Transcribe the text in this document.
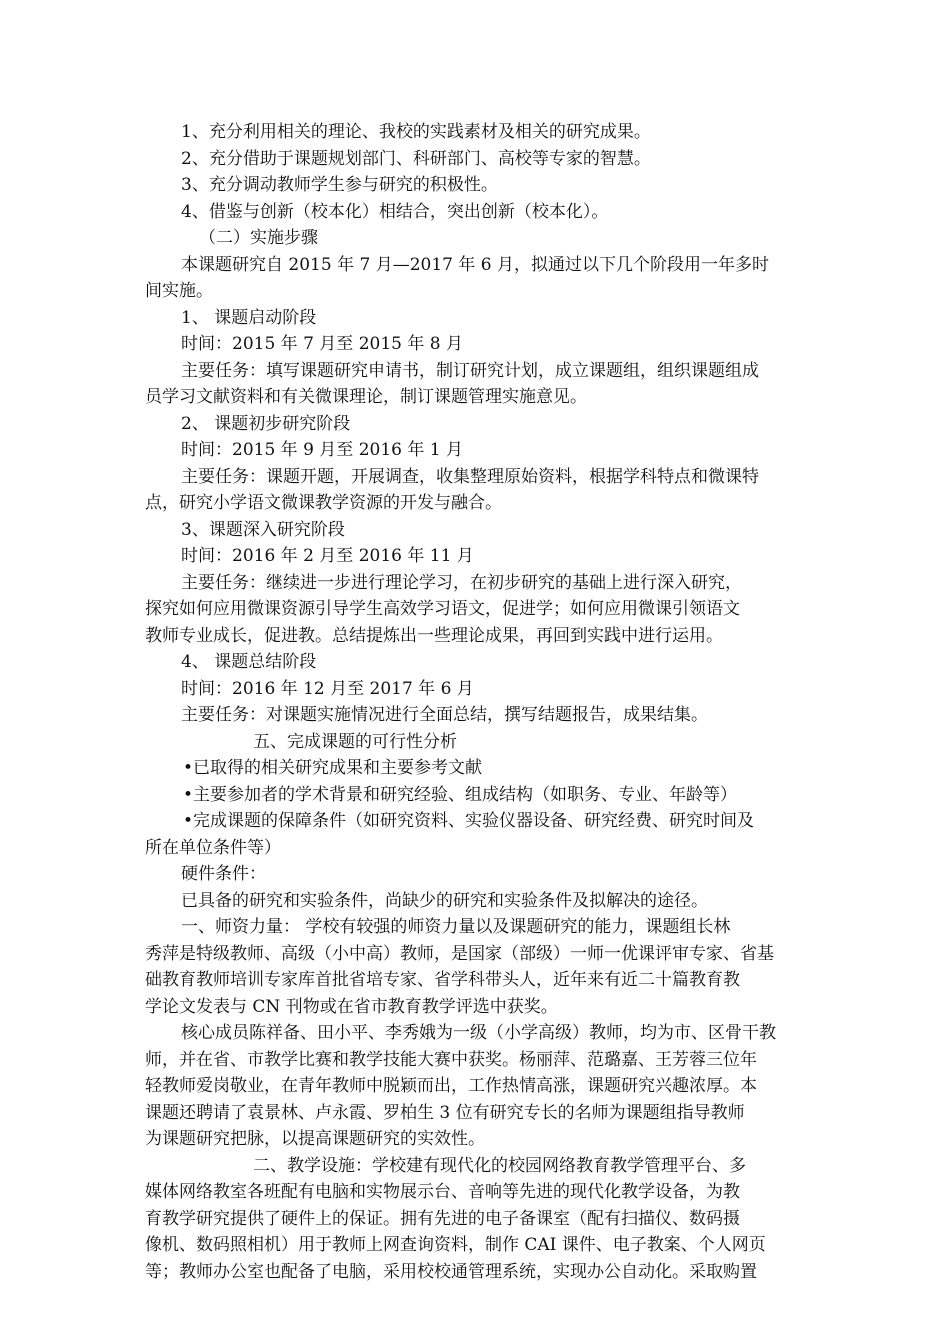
1、充分利用相关的理论、我校的实践素材及相关的研究成果。
2、充分借助于课题规划部门、科研部门、高校等专家的智慧。
3、充分调动教师学生参与研究的积极性。
4、借鉴与创新（校本化）相结合，突出创新（校本化）。
（二）实施步骤
本课题研究自 2015 年 7 月—2017 年 6 月，拟通过以下几个阶段用一年多时
间实施。
1、 课题启动阶段
时间：2015 年 7 月至 2015 年 8 月
主要任务：填写课题研究申请书，制订研究计划，成立课题组，组织课题组成
员学习文献资料和有关微课理论，制订课题管理实施意见。
2、 课题初步研究阶段
时间：2015 年 9 月至 2016 年 1 月
主要任务：课题开题，开展调查，收集整理原始资料，根据学科特点和微课特
点，研究小学语文微课教学资源的开发与融合。
3、课题深入研究阶段
时间：2016 年 2 月至 2016 年 11 月
主要任务：继续进一步进行理论学习，在初步研究的基础上进行深入研究，
探究如何应用微课资源引导学生高效学习语文，促进学；如何应用微课引领语文
教师专业成长，促进教。总结提炼出一些理论成果，再回到实践中进行运用。
4、 课题总结阶段
时间：2016 年 12 月至 2017 年 6 月
主要任务：对课题实施情况进行全面总结，撰写结题报告，成果结集。
五、完成课题的可行性分析
•已取得的相关研究成果和主要参考文献
•主要参加者的学术背景和研究经验、组成结构（如职务、专业、年龄等）
•完成课题的保障条件（如研究资料、实验仪器设备、研究经费、研究时间及
所在单位条件等）
硬件条件：
已具备的研究和实验条件，尚缺少的研究和实验条件及拟解决的途径。
一、师资力量： 学校有较强的师资力量以及课题研究的能力，课题组长林
秀萍是特级教师、高级（小中高）教师，是国家（部级）一师一优课评审专家、省基
础教育教师培训专家库首批省培专家、省学科带头人，近年来有近二十篇教育教
学论文发表与 CN 刊物或在省市教育教学评选中获奖。
核心成员陈祥备、田小平、李秀娥为一级（小学高级）教师，均为市、区骨干教
师，并在省、市教学比赛和教学技能大赛中获奖。杨丽萍、范璐嘉、王芳蓉三位年
轻教师爱岗敬业，在青年教师中脱颖而出，工作热情高涨，课题研究兴趣浓厚。本
课题还聘请了袁景林、卢永霞、罗柏生 3 位有研究专长的名师为课题组指导教师
为课题研究把脉，以提高课题研究的实效性。
二、教学设施：学校建有现代化的校园网络教育教学管理平台、多
媒体网络教室各班配有电脑和实物展示台、音响等先进的现代化教学设备，为教
育教学研究提供了硬件上的保证。拥有先进的电子备课室（配有扫描仪、数码摄
像机、数码照相机）用于教师上网查询资料，制作 CAI 课件、电子教案、个人网页
等；教师办公室也配备了电脑，采用校校通管理系统，实现办公自动化。采取购置
